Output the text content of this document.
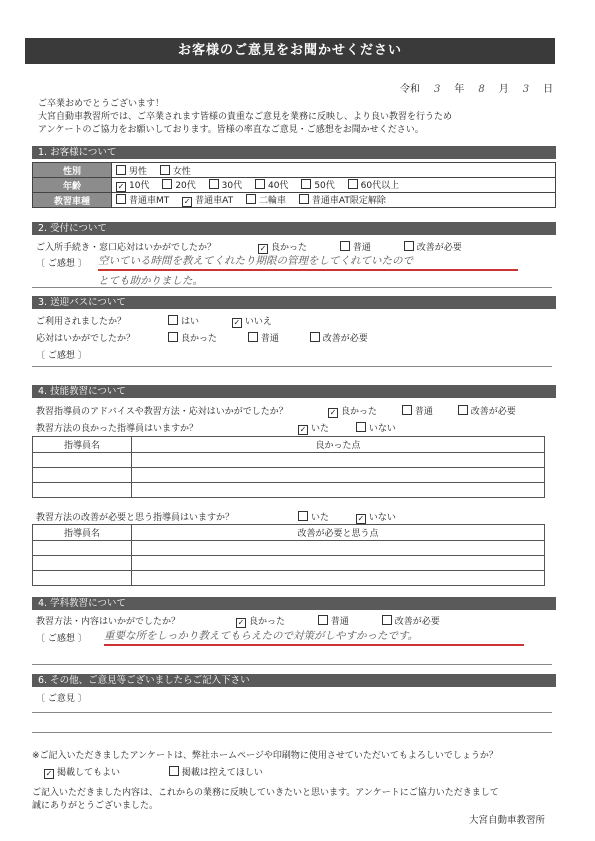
お客様のご意見をお聞かせください
令和 3 年 8 月 3 日
ご卒業おめでとうございます！
大宮自動車教習所では、ご卒業されます皆様の貴重なご意見を業務に反映し、より良い教習を行うため
アンケートのご協力をお願いしております。皆様の率直なご意見・ご感想をお聞かせください。
1. お客様について
性別	男性 女性
年齢	✓ 10代 20代 30代 40代 50代 60代以上
教習車種	普通車MT ✓ 普通車AT 二輪車 普通車AT限定解除
2. 受付について
ご入所手続き・窓口応対はいかがでしたか？	✓ 良かった	普通	改善が必要
〔 ご感想 〕 空いている時間を教えてくれたり期限の管理をしてくれていたので
とても助かりました。
3. 送迎バスについて
ご利用されましたか？	はい	✓ いいえ
応対はいかがでしたか？	良かった	普通	改善が必要
〔 ご感想 〕
4. 技能教習について
教習指導員のアドバイスや教習方法・応対はいかがでしたか？	✓ 良かった	普通	改善が必要
教習方法の良かった指導員はいますか？	✓ いた	いない
指導員名	良かった点

教習方法の改善が必要と思う指導員はいますか？	いた	✓ いない
指導員名	改善が必要と思う点

4. 学科教習について
教習方法・内容はいかがでしたか？	✓ 良かった	普通	改善が必要
〔 ご感想 〕 重要な所をしっかり教えてもらえたので対策がしやすかったです。
6. その他、ご意見等ございましたらご記入下さい
〔 ご意見 〕
※ご記入いただきましたアンケートは、弊社ホームページや印刷物に使用させていただいてもよろしいでしょうか？
✓ 掲載してもよい	掲載は控えてほしい
ご記入いただきました内容は、これからの業務に反映していきたいと思います。アンケートにご協力いただきまして
誠にありがとうございました。
大宮自動車教習所
